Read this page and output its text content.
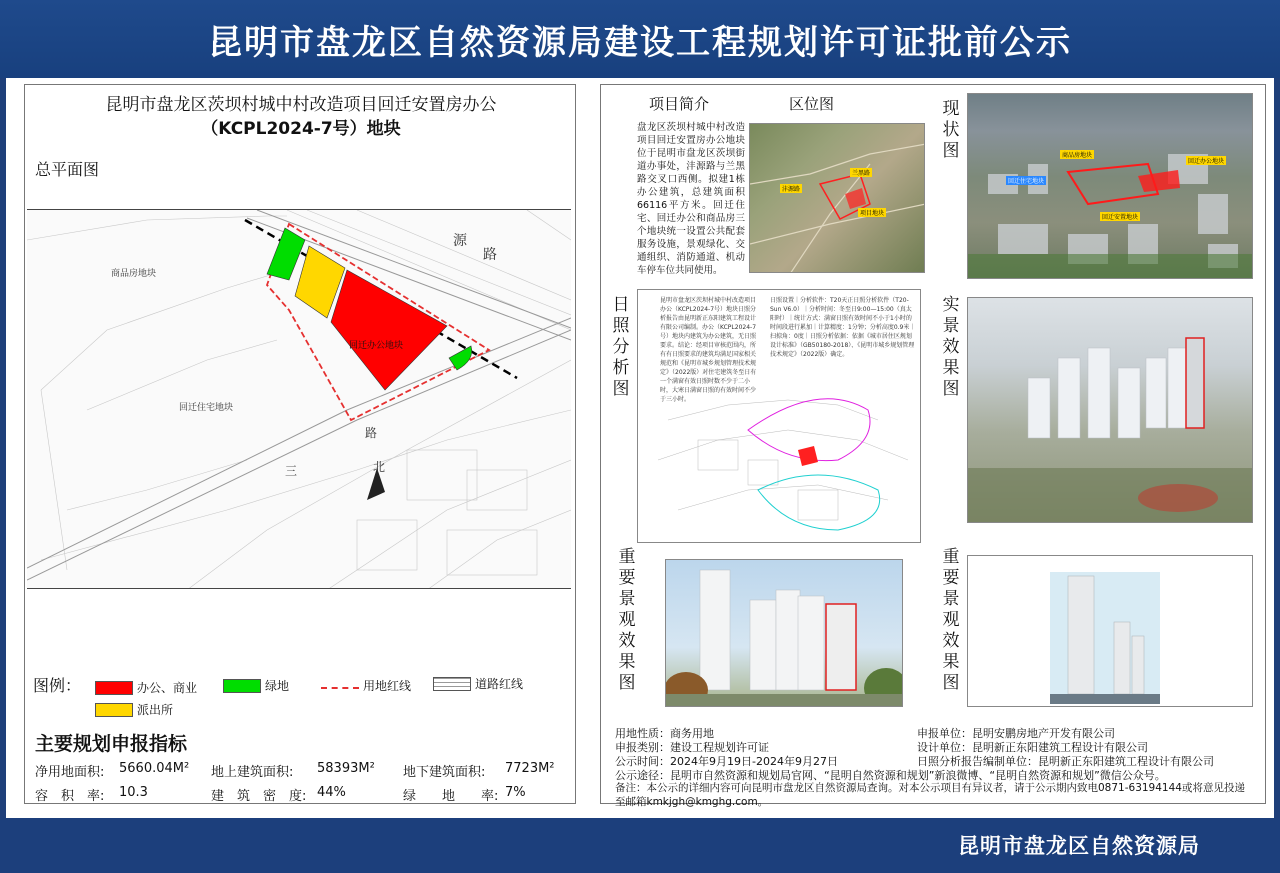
昆明市盘龙区自然资源局建设工程规划许可证批前公示
昆明市盘龙区茨坝村城中村改造项目回迁安置房办公
（KCPL2024-7号）地块
总平面图
商品房地块
回迁住宅地块
回迁办公地块
源
路
北
路
三
图例：	办公、商业	绿地	用地红线	道路红线
派出所
主要规划申报指标
净用地面积: 5660.04M² 地上建筑面积: 58393M² 地下建筑面积: 7723M²
容　积　率: 10.3	建　筑　密　度: 44%	绿　　地　　率: 7%
项目简介	区位图
盘龙区茨坝村城中村改造项目回迁安置房办公地块位于昆明市盘龙区茨坝街道办事处，沣源路与兰黑路交叉口西侧。拟建1栋办公建筑，总建筑面积66116平方米。回迁住宅、回迁办公和商品房三个地块统一设置公共配套服务设施，景观绿化、交通组织、消防通道、机动车停车位共同使用。
兰黑路
沣源路
项目地块
现状图	商品房地块
回迁住宅地块
回迁办公地块
回迁安置地块
日照分析图
昆明市盘龙区茨坝村城中村改造项目办公（KCPL2024-7号）地块日照分析报告由昆明新正东阳建筑工程设计有限公司编制。办公（KCPL2024-7号）地块内建筑为办公建筑，无日照要求。结论：经项目审核范围内，所有有日照要求的建筑均满足国家相关规范和《昆明市城乡规划管理技术规定》（2022版）对住宅建筑冬至日有一个满窗有效日照时数不少于二小时，大寒日满窗日照的有效时间不少于三小时。
日照设置｜分析软件：T20天正日照分析软件（T20-Sun V6.0）｜分析时间：冬至日9:00—15:00（真太阳时）｜统计方式：满窗日照有效时间不小于1小时的时间段进行累加｜计算精度：1分钟；分析高度0.9米｜扫掠角：0度｜日照分析依据：依据《城市居住区规划设计标准》（GB50180-2018）、《昆明市城乡规划管理技术规定》（2022版）确定。
实景效果图
重要景观效果图
重要景观效果图
用地性质：商务用地	申报单位：昆明安鹏房地产开发有限公司
申报类别：建设工程规划许可证	设计单位：昆明新正东阳建筑工程设计有限公司
公示时间：2024年9月19日-2024年9月27日	日照分析报告编制单位：昆明新正东阳建筑工程设计有限公司
公示途径：昆明市自然资源和规划局官网、“昆明自然资源和规划”新浪微博、“昆明自然资源和规划”微信公众号。
备注：本公示的详细内容可向昆明市盘龙区自然资源局查询。对本公示项目有异议者，请于公示期内致电0871-63194144或将意见投递至邮箱kmkjgh@kmghg.com。
昆明市盘龙区自然资源局
